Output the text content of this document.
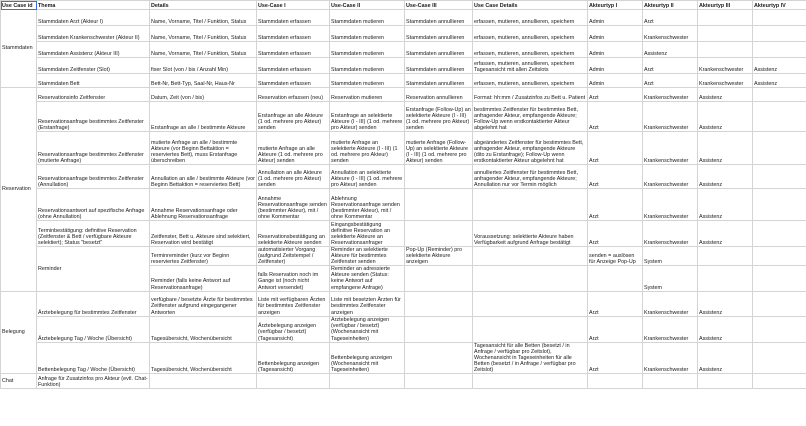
Use Case id	Thema	Details	Use-Case I	Use-Case II	Use-Case III	Use Case Details	Akteurtyp I	Akteurtyp II	Akteurtyp III	Akteurtyp IV	
Stammdaten	Stammdaten Arzt (Akteur I)	Name, Vorname, Titel / Funktion, Status	Stammdaten erfassen	Stammdaten mutieren	Stammdaten annullieren	erfassen, mutieren, annullieren, speichern	Admin	Arzt			
	Stammdaten Krankenschwester (Akteur II)	Name, Vorname, Titel / Funktion, Status	Stammdaten erfassen	Stammdaten mutieren	Stammdaten annullieren	erfassen, mutieren, annullieren, speichern	Admin	Krankenschwester			
	Stammdaten Assistenz (Akteur III)	Name, Vorname, Titel / Funktion, Status	Stammdaten erfassen	Stammdaten mutieren	Stammdaten annullieren	erfassen, mutieren, annullieren, speichern	Admin	Assistenz			
	Stammdaten Zeitfenster (Slot)	fixer Slot (von / bis / Anzahl Min)	Stammdaten erfassen	Stammdaten mutieren	Stammdaten annullieren	erfassen, mutieren, annullieren, speichern Tagesansicht mit allen Zeitslots	Admin	Arzt	Krankenschwester	Assistenz	
	Stammdaten Bett	Bett-Nr, Bett-Typ, Saal-Nr, Haus-Nr	Stammdaten erfassen	Stammdaten mutieren	Stammdaten annullieren	erfassen, mutieren, annullieren, speichern	Admin	Arzt	Krankenschwester	Assistenz	
Reservation	Reservationsinfo Zeitfenster	Datum, Zeit (von / bis)	Reservation erfassen (neu)	Reservation mutieren	Reservation annullieren	Format: hh:mm / Zusatzinfos zu Bett u. Patient	Arzt	Krankenschwester	Assistenz		
	Reservationsanfrage bestimmtes Zeitfenster (Erstanfrage)	Erstanfrage an alle / bestimmte Akteure	Erstanfrage an alle Akteure (1 od. mehrere pro Akteur) senden	Erstanfrage an selektierte Akteure (I - III) (1 od. mehrere pro Akteur) senden	Erstanfrage (Follow-Up) an selektierte Akteure (I - III) (1 od. mehrere pro Akteur) senden	bestimmtes Zeitfenster für bestimmtes Bett, anfragender Akteur, empfangende Akteure; Follow-Up wenn erstkontaktierter Akteur abgelehnt hat	Arzt	Krankenschwester	Assistenz		
	Reservationsanfrage bestimmtes Zeitfenster (mutierte Anfrage)	mutierte Anfrage an alle / bestimmte Akteure (vor Beginn Bettaktion = reserviertes Bett), muss Erstanfrage überschreiben	mutierte Anfrage an alle Akteure (1 od. mehrere pro Akteur) senden	mutierte Anfrage an selektierte Akteure (I - III) (1 od. mehrere pro Akteur) senden	mutierte Anfrage (Follow-Up) an selektierte Akteure (I - III) (1 od. mehrere pro Akteur) senden	abgeändertes Zeitfenster für bestimmtes Bett, anfragender Akteur, empfangende Akteure (dito zu Erstanfrage); Follow-Up wenn erstkontaktierter Akteur abgelehnt hat	Arzt	Krankenschwester	Assistenz		
	Reservationsanfrage bestimmtes Zeitfenster (Annullation)	Annullation an alle / bestimmte Akteure (vor Beginn Bettaktion = reserviertes Bett)	Annullation an alle Akteure (1 od. mehrere pro Akteur) senden	Annullation an selektierte Akteure (I - III) (1 od. mehrere pro Akteur) senden		annulliertes Zeitfenster für bestimmtes Bett, anfragender Akteur, empfangende Akteure; Annullation nur vor Termin möglich	Arzt	Krankenschwester	Assistenz		
	Reservationsantwort auf spezifische Anfrage (ohne Annullation)	Annahme Reservationsanfrage oder Ablehnung Reservationsanfrage	Annahme Reservationsanfrage senden (bestimmter Akteur), mit / ohne Kommentar	Ablehnung Reservationsanfrage senden (bestimmter Akteur), mit / ohne Kommentar			Arzt	Krankenschwester	Assistenz		
	Terminbestätigung: definitive Reservation (Zeitfenster & Bett / verfügbare Akteure selektiert); Status "besetzt"	Zeitfenster, Bett u. Akteure sind selektiert, Reservation wird bestätigt	Reservationsbestätigung an selektierte Akteure senden	Eingangsbestätigung definitive Reservation an selektierte Akteure an Reservationsanfrager		Voraussetzung: selektierte Akteure haben Verfügbarkeit aufgrund Anfrage bestätigt	Arzt	Krankenschwester	Assistenz		
	Reminder	Terminreminder (kurz vor Beginn reserviertes Zeitfenster)	automatisierter Vorgang (aufgrund Zeitstempel / Zeitfenster)	Reminder an selektierte Akteure für bestimmtes Zeitfenster senden	Pop-Up (Reminder) pro selektierte Akteure anzeigen		senden = auslösen für Anzeige Pop-Up	System			
		Reminder (falls keine Antwort auf Reservationsanfrage)	falls Reservation noch im Gange ist (noch nicht Antwort versendet)	Reminder an adressierte Akteure senden (Status: keine Antwort auf empfangene Anfrage)				System			
Belegung	Ärztebelegung für bestimmtes Zeitfenster	verfügbare / besetzte Ärzte für bestimmtes Zeitfenster aufgrund eingegangener Antworten	Liste mit verfügbaren Ärzten für bestimmtes Zeitfenster anzeigen	Liste mit besetzten Ärzten für bestimmtes Zeitfenster anzeigen			Arzt	Krankenschwester	Assistenz		
	Ärztebelegung Tag / Woche (Übersicht)	Tagesübersicht, Wochenübersicht	Ärztebelegung anzeigen (verfügbar / besetzt) (Tagesansicht)	Ärztebelegung anzeigen (verfügbar / besetzt) (Wochenansicht mit Tageseinheiten)			Arzt	Krankenschwester	Assistenz		
	Bettenbelegung Tag / Woche (Übersicht)	Tagesübersicht, Wochenübersicht	Bettenbelegung anzeigen (Tagesansicht)	Bettenbelegung anzeigen (Wochenansicht mit Tageseinheiten)		Tagesansicht für alle Betten (besetzt / in Anfrage / verfügbar pro Zeitslot), Wochenansicht in Tageseinheiten für alle Betten (besetzt / in Anfrage / verfügbar pro Zeitslot)	Arzt	Krankenschwester	Assistenz		
Chat	Anfrage für Zusatzinfos pro Akteur (evtl. Chat-Funktion)										
